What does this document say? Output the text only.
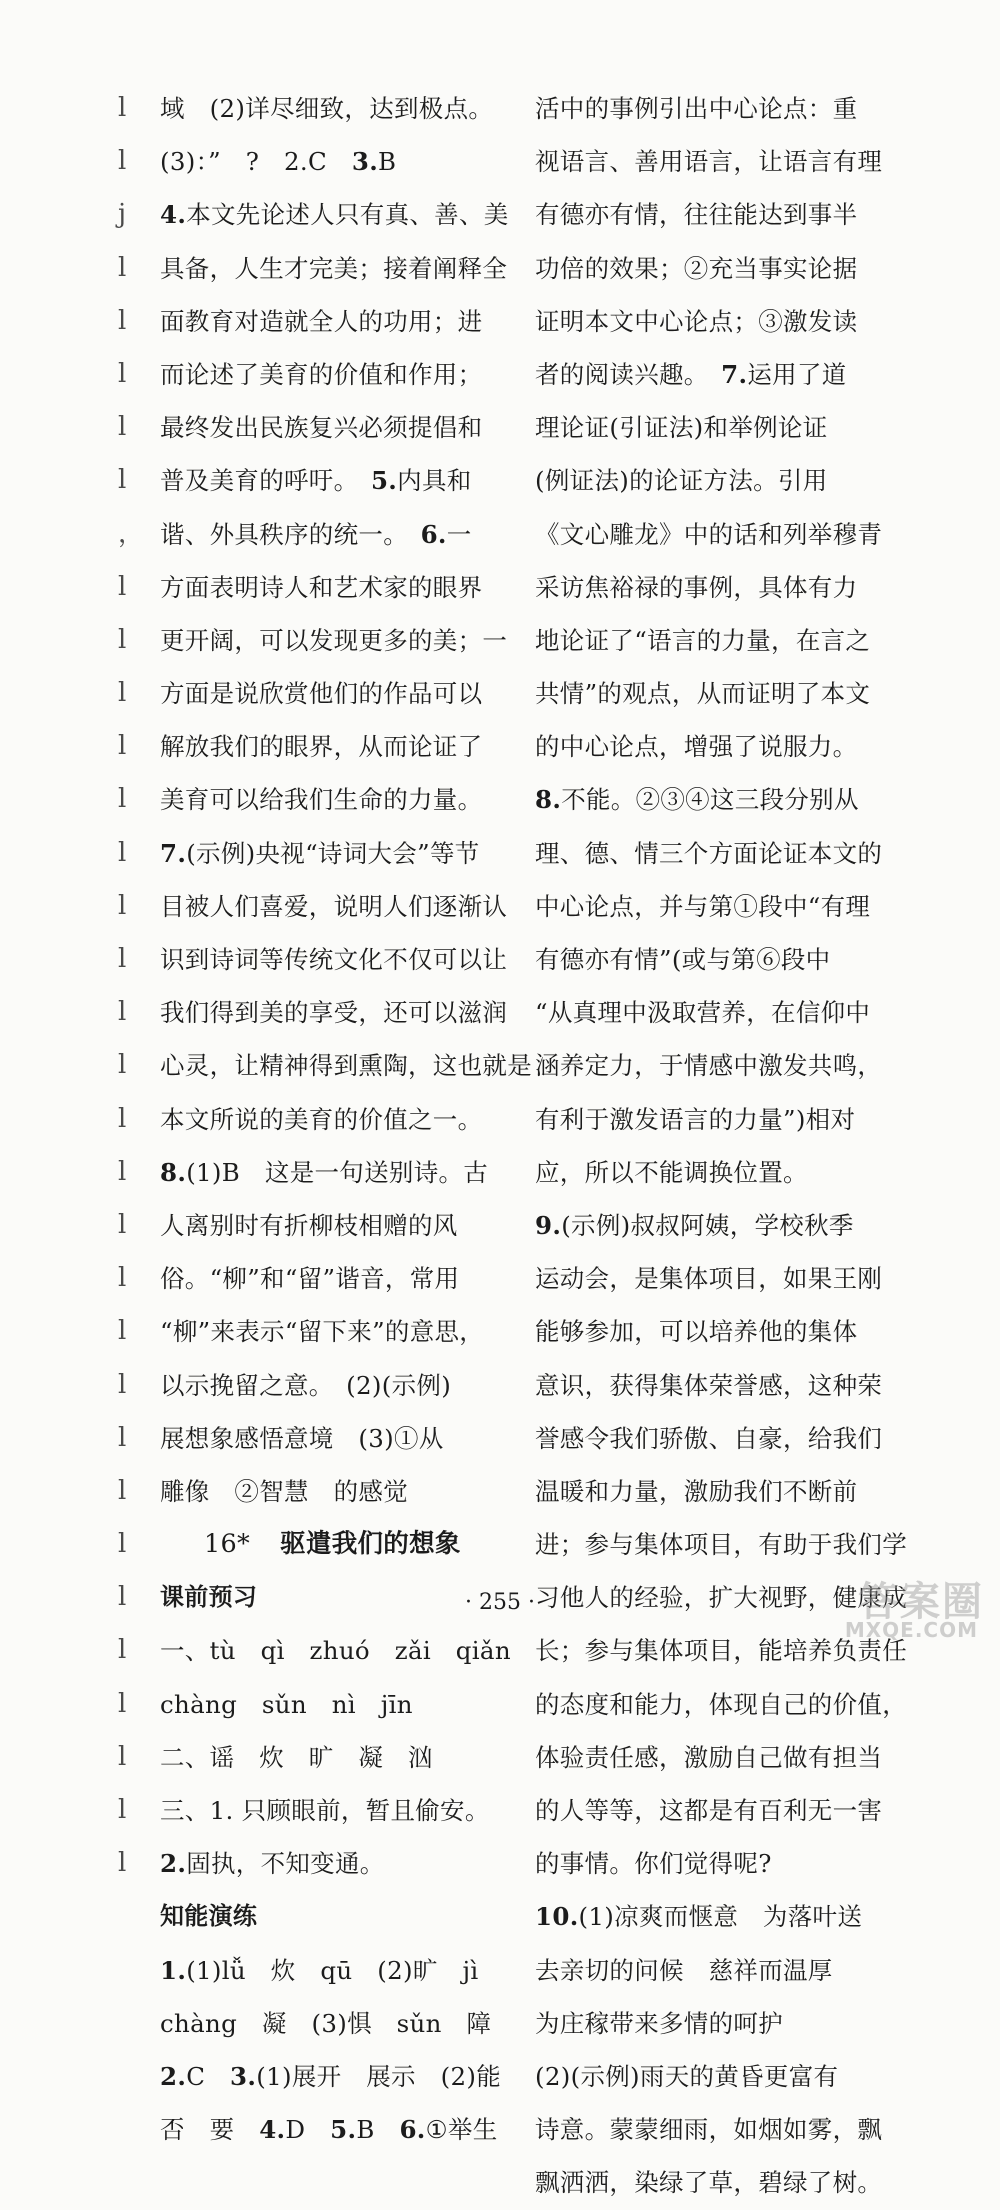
l
l
j
l
l
l
l
l
，
l
l
l
l
l
l
l
l
l
l
l
l
l
l
l
l
l
l
l
l
l
l
l
l
l
域　(2)详尽细致，达到极点。
(3)：”　?　2.C　3.B
4.本文先论述人只有真、善、美
具备，人生才完美；接着阐释全
面教育对造就全人的功用；进
而论述了美育的价值和作用；
最终发出民族复兴必须提倡和
普及美育的呼吁。　5.内具和
谐、外具秩序的统一。　6.一
方面表明诗人和艺术家的眼界
更开阔，可以发现更多的美；一
方面是说欣赏他们的作品可以
解放我们的眼界，从而论证了
美育可以给我们生命的力量。
7.(示例)央视“诗词大会”等节
目被人们喜爱，说明人们逐渐认
识到诗词等传统文化不仅可以让
我们得到美的享受，还可以滋润
心灵，让精神得到熏陶，这也就是
本文所说的美育的价值之一。
8.(1)B　这是一句送别诗。古
人离别时有折柳枝相赠的风
俗。“柳”和“留”谐音，常用
“柳”来表示“留下来”的意思，
以示挽留之意。　(2)(示例)
展想象感悟意境　(3)①从
雕像　②智慧　的感觉
16* 驱遣我们的想象
课前预习
一、tù　qì　zhuó　zǎi　qiǎn
chàng　sǔn　nì　jīn
二、谣　炊　旷　凝　汹
三、1. 只顾眼前，暂且偷安。
2.固执，不知变通。
知能演练
1.(1)lǚ　炊　qū　(2)旷　jì
chàng　凝　(3)惧　sǔn　障
2.C　3.(1)展开　展示　(2)能
否　要　4.D　5.B　6.①举生
活中的事例引出中心论点：重
视语言、善用语言，让语言有理
有德亦有情，往往能达到事半
功倍的效果；②充当事实论据
证明本文中心论点；③激发读
者的阅读兴趣。　7.运用了道
理论证(引证法)和举例论证
(例证法)的论证方法。引用
《文心雕龙》中的话和列举穆青
采访焦裕禄的事例，具体有力
地论证了“语言的力量，在言之
共情”的观点，从而证明了本文
的中心论点，增强了说服力。
8.不能。②③④这三段分别从
理、德、情三个方面论证本文的
中心论点，并与第①段中“有理
有德亦有情”(或与第⑥段中
“从真理中汲取营养，在信仰中
涵养定力，于情感中激发共鸣，
有利于激发语言的力量”)相对
应，所以不能调换位置。
9.(示例)叔叔阿姨，学校秋季
运动会，是集体项目，如果王刚
能够参加，可以培养他的集体
意识，获得集体荣誉感，这种荣
誉感令我们骄傲、自豪，给我们
温暖和力量，激励我们不断前
进；参与集体项目，有助于我们学
习他人的经验，扩大视野，健康成
长；参与集体项目，能培养负责任
的态度和能力，体现自己的价值，
体验责任感，激励自己做有担当
的人等等，这都是有百利无一害
的事情。你们觉得呢?
10.(1)凉爽而惬意　为落叶送
去亲切的问候　慈祥而温厚
为庄稼带来多情的呵护
(2)(示例)雨天的黄昏更富有
诗意。蒙蒙细雨，如烟如雾，飘
飘洒洒，染绿了草，碧绿了树。
· 255 ·	答案圈
MXQE.COM
